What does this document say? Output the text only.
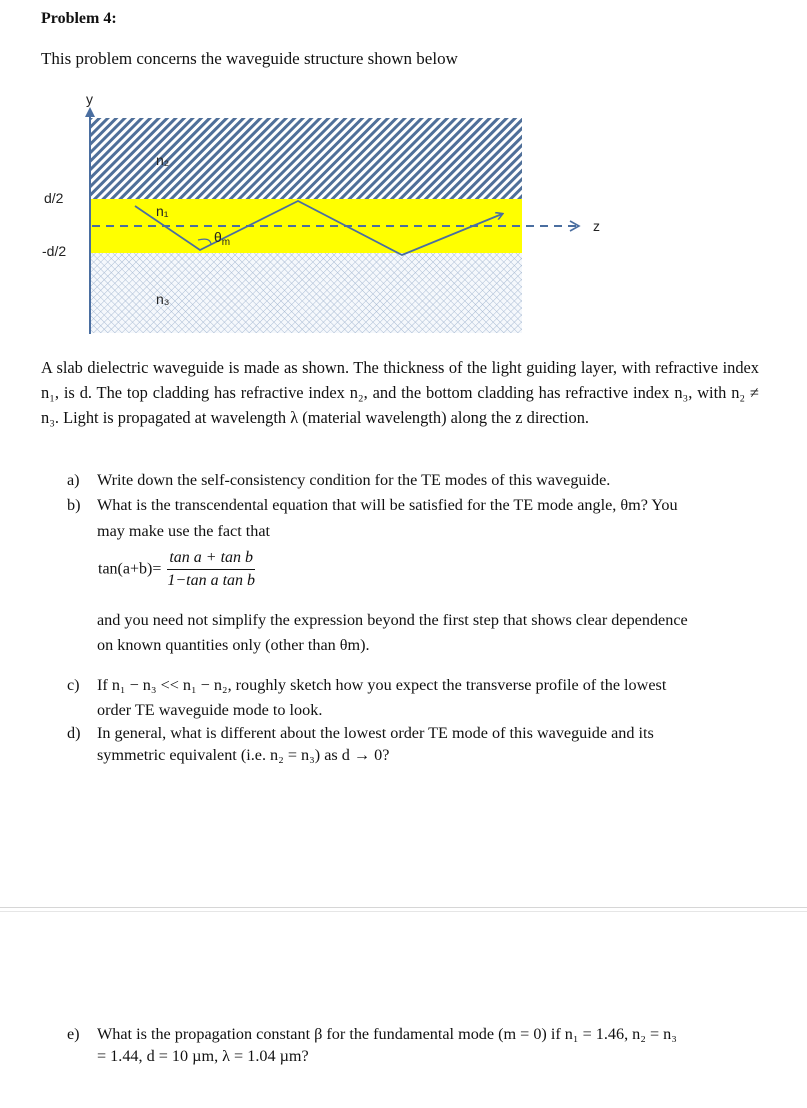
Problem 4:
This problem concerns the waveguide structure shown below
y
z
d/2
-d/2
n₂
n₁
n₃
$\theta_m$
A slab dielectric waveguide is made as shown. The thickness of the light guiding layer, with refractive index n₁, is d. The top cladding has refractive index n₂, and the bottom cladding has refractive index n₃, with n₂ ≠ n₃. Light is propagated at wavelength λ (material wavelength) along the z direction.
a) Write down the self-consistency condition for the TE modes of this waveguide.
b) What is the transcendental equation that will be satisfied for the TE mode angle, θm? You
may make use the fact that
$\tan(a+b)= \frac{\text{tan a + tan b}}{\text{1−tan a tan b}}$
and you need not simplify the expression beyond the first step that shows clear dependence
on known quantities only (other than θm).
c) If n₁ − n₃ << n₁ − n₂, roughly sketch how you expect the transverse profile of the lowest
order TE waveguide mode to look.
d) In general, what is different about the lowest order TE mode of this waveguide and its
symmetric equivalent (i.e. n₂ = n₃) as d → 0?
e) What is the propagation constant β for the fundamental mode (m = 0) if n₁ = 1.46, n₂ = n₃
= 1.44, d = 10 µm, λ = 1.04 µm?
